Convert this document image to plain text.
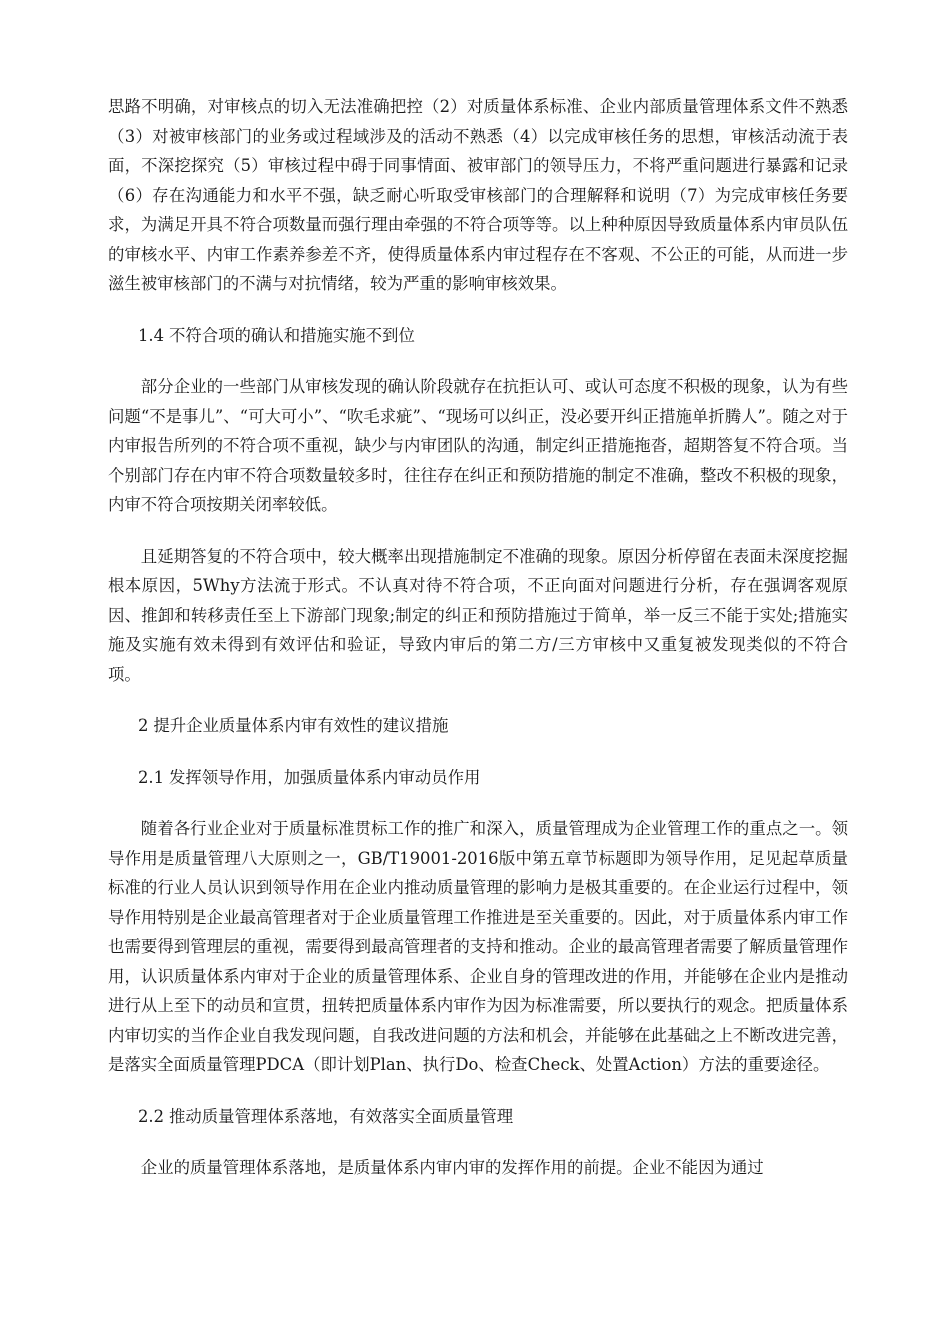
思路不明确，对审核点的切入无法准确把控（2）对质量体系标准、企业内部质量管理体系文件不熟悉（3）对被审核部门的业务或过程域涉及的活动不熟悉（4）以完成审核任务的思想，审核活动流于表面，不深挖探究（5）审核过程中碍于同事情面、被审部门的领导压力，不将严重问题进行暴露和记录（6）存在沟通能力和水平不强，缺乏耐心听取受审核部门的合理解释和说明（7）为完成审核任务要求，为满足开具不符合项数量而强行理由牵强的不符合项等等。以上种种原因导致质量体系内审员队伍的审核水平、内审工作素养参差不齐，使得质量体系内审过程存在不客观、不公正的可能，从而进一步滋生被审核部门的不满与对抗情绪，较为严重的影响审核效果。

1.4 不符合项的确认和措施实施不到位

部分企业的一些部门从审核发现的确认阶段就存在抗拒认可、或认可态度不积极的现象，认为有些问题“不是事儿”、“可大可小”、“吹毛求疵”、“现场可以纠正，没必要开纠正措施单折腾人”。随之对于内审报告所列的不符合项不重视，缺少与内审团队的沟通，制定纠正措施拖沓，超期答复不符合项。当个别部门存在内审不符合项数量较多时，往往存在纠正和预防措施的制定不准确，整改不积极的现象，内审不符合项按期关闭率较低。

且延期答复的不符合项中，较大概率出现措施制定不准确的现象。原因分析停留在表面未深度挖掘根本原因，5Why方法流于形式。不认真对待不符合项，不正向面对问题进行分析，存在强调客观原因、推卸和转移责任至上下游部门现象;制定的纠正和预防措施过于简单，举一反三不能于实处;措施实施及实施有效未得到有效评估和验证，导致内审后的第二方/三方审核中又重复被发现类似的不符合项。

2 提升企业质量体系内审有效性的建议措施

2.1 发挥领导作用，加强质量体系内审动员作用

随着各行业企业对于质量标准贯标工作的推广和深入，质量管理成为企业管理工作的重点之一。领导作用是质量管理八大原则之一，GB/T19001-2016版中第五章节标题即为领导作用，足见起草质量标准的行业人员认识到领导作用在企业内推动质量管理的影响力是极其重要的。在企业运行过程中，领导作用特别是企业最高管理者对于企业质量管理工作推进是至关重要的。因此，对于质量体系内审工作也需要得到管理层的重视，需要得到最高管理者的支持和推动。企业的最高管理者需要了解质量管理作用，认识质量体系内审对于企业的质量管理体系、企业自身的管理改进的作用，并能够在企业内是推动进行从上至下的动员和宣贯，扭转把质量体系内审作为因为标准需要，所以要执行的观念。把质量体系内审切实的当作企业自我发现问题，自我改进问题的方法和机会，并能够在此基础之上不断改进完善，是落实全面质量管理PDCA（即计划Plan、执行Do、检查Check、处置Action）方法的重要途径。

2.2 推动质量管理体系落地，有效落实全面质量管理

企业的质量管理体系落地，是质量体系内审内审的发挥作用的前提。企业不能因为通过
